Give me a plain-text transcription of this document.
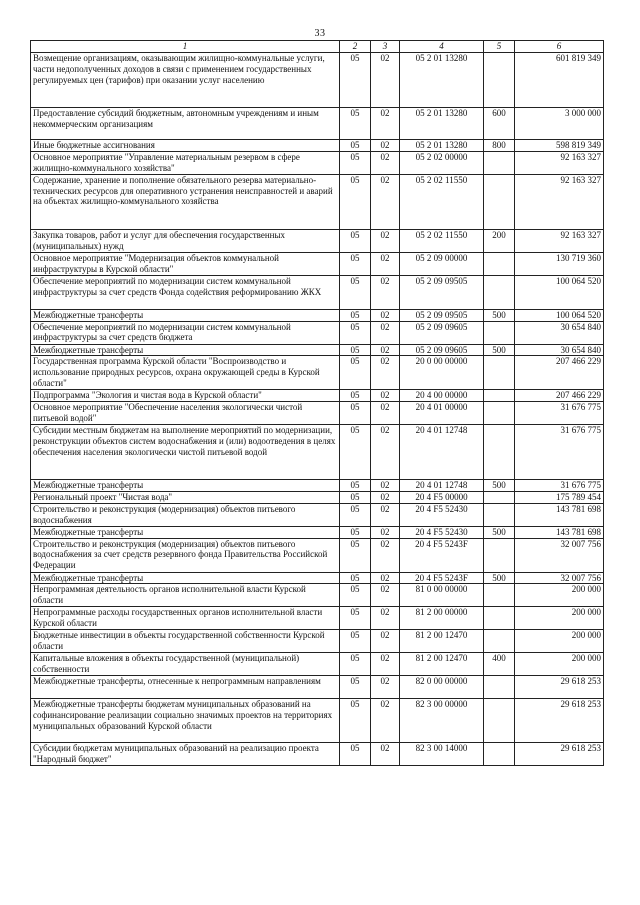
33
1	2	3	4	5	6
Возмещение организациям, оказывающим жилищно-коммунальные услуги, части недополученных доходов в связи с применением государственных регулируемых цен (тарифов) при оказании услуг населению	05	02	05 2 01 13280		601 819 349
Предоставление субсидий бюджетным, автономным учреждениям и иным некоммерческим организациям	05	02	05 2 01 13280	600	3 000 000
Иные бюджетные ассигнования	05	02	05 2 01 13280	800	598 819 349
Основное мероприятие "Управление материальным резервом в сфере жилищно-коммунального хозяйства"	05	02	05 2 02 00000		92 163 327
Содержание, хранение и пополнение обязательного резерва материально-технических ресурсов для оперативного устранения неисправностей и аварий на объектах жилищно-коммунального хозяйства	05	02	05 2 02 11550		92 163 327
Закупка товаров, работ и услуг для обеспечения государственных (муниципальных) нужд	05	02	05 2 02 11550	200	92 163 327
Основное мероприятие "Модернизация объектов коммунальной инфраструктуры в Курской области"	05	02	05 2 09 00000		130 719 360
Обеспечение мероприятий по модернизации систем коммунальной инфраструктуры за счет средств Фонда содействия реформированию ЖКХ	05	02	05 2 09 09505		100 064 520
Межбюджетные трансферты	05	02	05 2 09 09505	500	100 064 520
Обеспечение мероприятий по модернизации систем коммунальной инфраструктуры за счет средств бюджета	05	02	05 2 09 09605		30 654 840
Межбюджетные трансферты	05	02	05 2 09 09605	500	30 654 840
Государственная программа Курской области "Воспроизводство и использование природных ресурсов, охрана окружающей среды в Курской области"	05	02	20 0 00 00000		207 466 229
Подпрограмма "Экология и чистая вода в Курской области"	05	02	20 4 00 00000		207 466 229
Основное мероприятие "Обеспечение населения экологически чистой питьевой водой"	05	02	20 4 01 00000		31 676 775
Субсидии местным бюджетам на выполнение мероприятий по модернизации, реконструкции объектов систем водоснабжения и (или) водоотведения в целях обеспечения населения экологически чистой питьевой водой	05	02	20 4 01 12748		31 676 775
Межбюджетные трансферты	05	02	20 4 01 12748	500	31 676 775
Региональный проект "Чистая вода"	05	02	20 4 F5 00000		175 789 454
Строительство и реконструкция (модернизация) объектов питьевого водоснабжения	05	02	20 4 F5 52430		143 781 698
Межбюджетные трансферты	05	02	20 4 F5 52430	500	143 781 698
Строительство и реконструкция (модернизация) объектов питьевого водоснабжения за счет средств резервного фонда Правительства Российской Федерации	05	02	20 4 F5 5243F		32 007 756
Межбюджетные трансферты	05	02	20 4 F5 5243F	500	32 007 756
Непрограммная деятельность органов исполнительной власти Курской области	05	02	81 0 00 00000		200 000
Непрограммные расходы государственных органов исполнительной власти Курской области	05	02	81 2 00 00000		200 000
Бюджетные инвестиции в объекты государственной собственности Курской области	05	02	81 2 00 12470		200 000
Капитальные вложения в объекты государственной (муниципальной) собственности	05	02	81 2 00 12470	400	200 000
Межбюджетные трансферты, отнесенные к непрограммным направлениям	05	02	82 0 00 00000		29 618 253
Межбюджетные трансферты бюджетам муниципальных образований на софинансирование реализации социально значимых проектов на территориях муниципальных образований Курской области	05	02	82 3 00 00000		29 618 253
Субсидии бюджетам муниципальных образований на реализацию проекта "Народный бюджет"	05	02	82 3 00 14000		29 618 253
